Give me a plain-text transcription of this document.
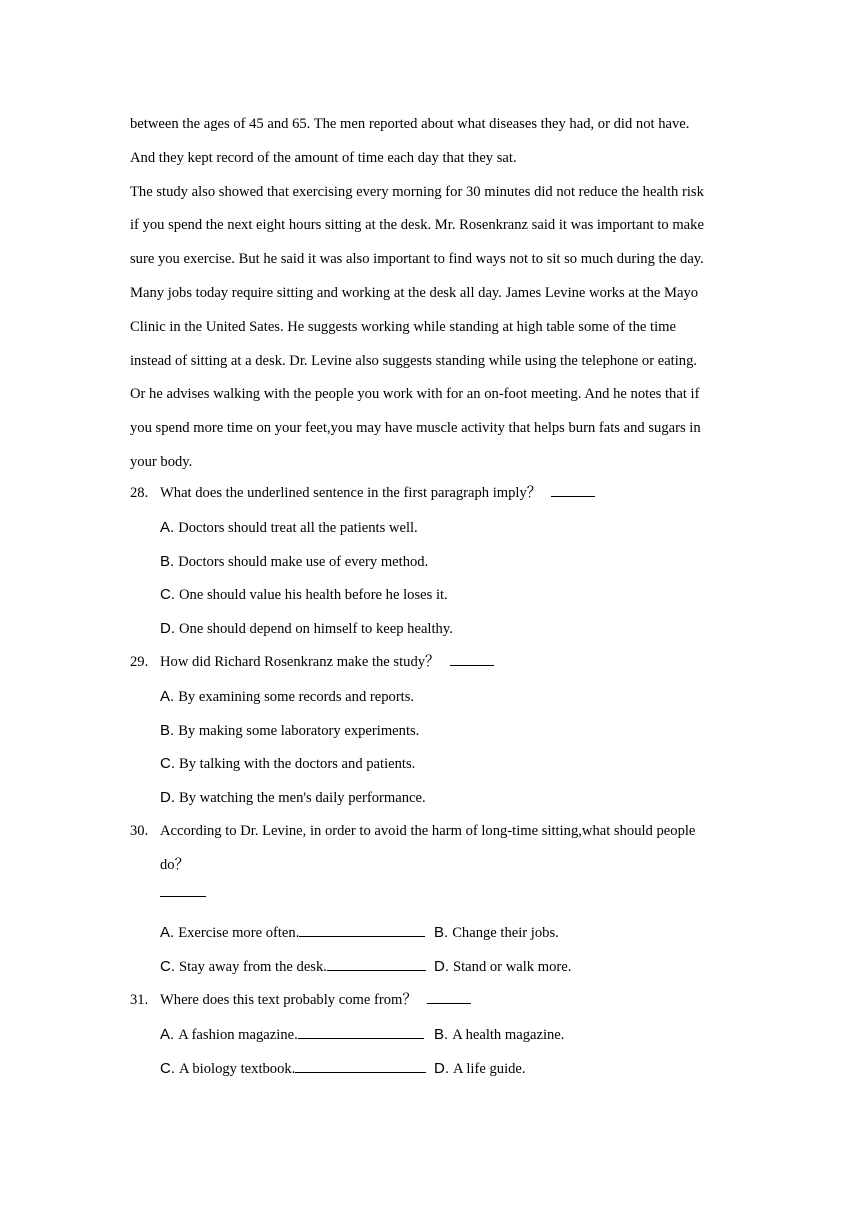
between the ages of 45 and 65. The men reported about what diseases they had, or did not have.
And they kept record of the amount of time each day that they sat.
The study also showed that exercising every morning for 30 minutes did not reduce the health risk
if you spend the next eight hours sitting at the desk. Mr. Rosenkranz said it was important to make
sure you exercise. But he said it was also important to find ways not to sit so much during the day.
Many jobs today require sitting and working at the desk all day. James Levine works at the Mayo
Clinic in the United Sates. He suggests working while standing at high table some of the time
instead of sitting at a desk. Dr. Levine also suggests standing while using the telephone or eating.
Or he advises walking with the people you work with for an on-foot meeting. And he notes that if
you spend more time on your feet,you may have muscle activity that helps burn fats and sugars in
your body.
28. What does the underlined sentence in the first paragraph imply？
A. Doctors should treat all the patients well.
B. Doctors should make use of every method.
C. One should value his health before he loses it.
D. One should depend on himself to keep healthy.
29. How did Richard Rosenkranz make the study？
A. By examining some records and reports.
B. By making some laboratory experiments.
C. By talking with the doctors and patients.
D. By watching the men's daily performance.
30. According to Dr. Levine, in order to avoid the harm of long-time sitting,what should people
do？
A. Exercise more often.	B. Change their jobs.
C. Stay away from the desk.	D. Stand or walk more.
31. Where does this text probably come from？
A. A fashion magazine.	B. A health magazine.
C. A biology textbook.	D. A life guide.
